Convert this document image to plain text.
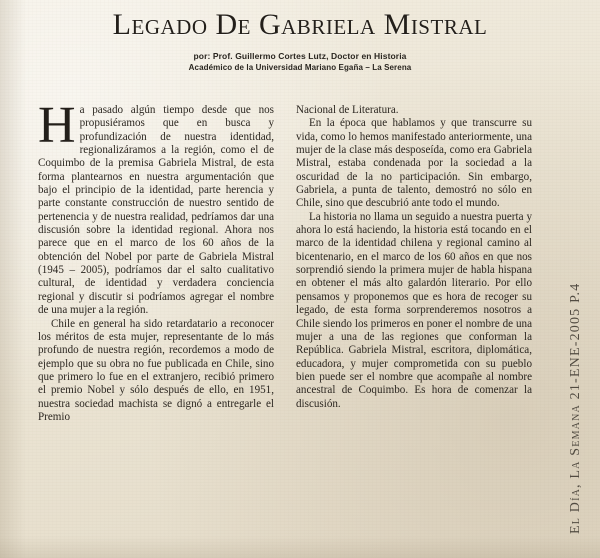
Legado De Gabriela Mistral
por: Prof. Guillermo Cortes Lutz, Doctor en Historia
Académico de la Universidad Mariano Egaña – La Serena

Ha pasado algún tiempo desde que nos propusiéramos que en busca y profundización de nuestra identidad, regionalizáramos a la región, como el de Coquimbo de la premisa Gabriela Mistral, de esta forma plantearnos en nuestra argumentación que bajo el principio de la identidad, parte herencia y parte constante construcción de nuestro sentido de pertenencia y de nuestra realidad, pedríamos dar una discusión sobre la identidad regional. Ahora nos parece que en el marco de los 60 años de la obtención del Nobel por parte de Gabriela Mistral (1945 – 2005), podríamos dar el salto cualitativo cultural, de identidad y verdadera conciencia regional y discutir si podríamos agregar el nombre de una mujer a la región.

Chile en general ha sido retardatario a reconocer los méritos de esta mujer, representante de lo más profundo de nuestra región, recordemos a modo de ejemplo que su obra no fue publicada en Chile, sino que primero lo fue en el extranjero, recibió primero el premio Nobel y sólo después de ello, en 1951, nuestra sociedad machista se dignó a entregarle el Premio

Nacional de Literatura.

En la época que hablamos y que transcurre su vida, como lo hemos manifestado anteriormente, una mujer de la clase más desposeída, como era Gabriela Mistral, estaba condenada por la sociedad a la oscuridad de la no participación. Sin embargo, Gabriela, a punta de talento, demostró no sólo en Chile, sino que descubrió ante todo el mundo.

La historia no llama un seguido a nuestra puerta y ahora lo está haciendo, la historia está tocando en el marco de la identidad chilena y regional camino al bicentenario, en el marco de los 60 años en que nos sorprendió siendo la primera mujer de habla hispana en obtener el más alto galardón literario. Por ello pensamos y proponemos que es hora de recoger su legado, de esta forma sorprenderemos nosotros a Chile siendo los primeros en poner el nombre de una mujer a una de las regiones que conforman la República. Gabriela Mistral, escritora, diplomática, educadora, y mujer comprometida con su pueblo bien puede ser el nombre que acompañe al nombre ancestral de Coquimbo. Es hora de comenzar la discusión.	El Día, La Semana 21-ENE-2005 P.4
